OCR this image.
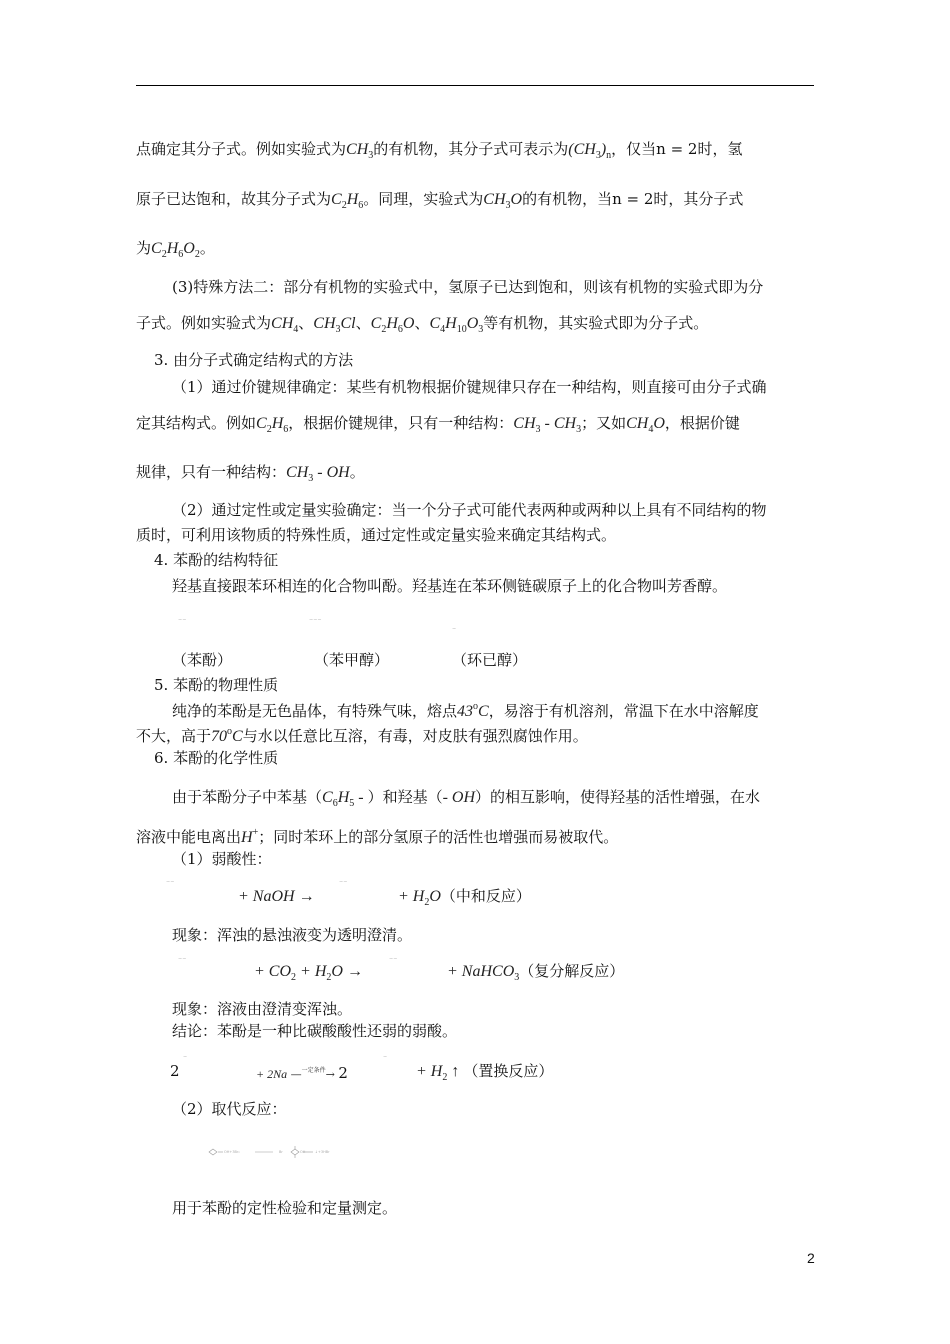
点确定其分子式。例如实验式为$CH_3$的有机物，其分子式可表示为$(CH_3)_n$，仅当n = 2时，氢
原子已达饱和，故其分子式为$C_2H_6$。同理，实验式为$CH_3O$的有机物，当n = 2时，其分子式
为$C_2H_6O_2$。
(3)特殊方法二：部分有机物的实验式中，氢原子已达到饱和，则该有机物的实验式即为分
子式。例如实验式为$CH_4$、$CH_3Cl$、$C_2H_6O$、$C_4H_{10}O_3$等有机物，其实验式即为分子式。
3. 由分子式确定结构式的方法
（1）通过价键规律确定：某些有机物根据价键规律只存在一种结构，则直接可由分子式确
定其结构式。例如$C_2H_6$，根据价键规律，只有一种结构：$CH_3 - CH_3$；又如$CH_4O$，根据价键
规律，只有一种结构：$CH_3$ - OH。
（2）通过定性或定量实验确定：当一个分子式可能代表两种或两种以上具有不同结构的物
质时，可利用该物质的特殊性质，通过定性或定量实验来确定其结构式。
4. 苯酚的结构特征
羟基直接跟苯环相连的化合物叫酚。羟基连在苯环侧链碳原子上的化合物叫芳香醇。
~~	~~~
~
（苯酚）	（苯甲醇）	（环已醇）
5. 苯酚的物理性质
纯净的苯酚是无色晶体，有特殊气味，熔点43$^o$C，易溶于有机溶剂，常温下在水中溶解度
不大，高于70$^o$C与水以任意比互溶，有毒，对皮肤有强烈腐蚀作用。
6. 苯酚的化学性质
由于苯酚分子中苯基（$C_6H_5$ - ）和羟基（- OH）的相互影响，使得羟基的活性增强，在水
溶液中能电离出H+；同时苯环上的部分氢原子的活性也增强而易被取代。
（1）弱酸性：
~~	~~
+ NaOH →	+ $H_2O$（中和反应）
现象：浑浊的悬浊液变为透明澄清。
~~	~~
+ $CO_2 + H_2O$ →	+ NaHCO$_3$（复分解反应）
现象：溶液由澄清变浑浊。
结论：苯酚是一种比碳酸酸性还弱的弱酸。
~	~
2	+ 2Na —$^{一定条件}$→ 2	+ $H_2$ ↑ （置换反应）
（2）取代反应：
OH+3Br₂	Br	OH	↓+3HBr
用于苯酚的定性检验和定量测定。
2
